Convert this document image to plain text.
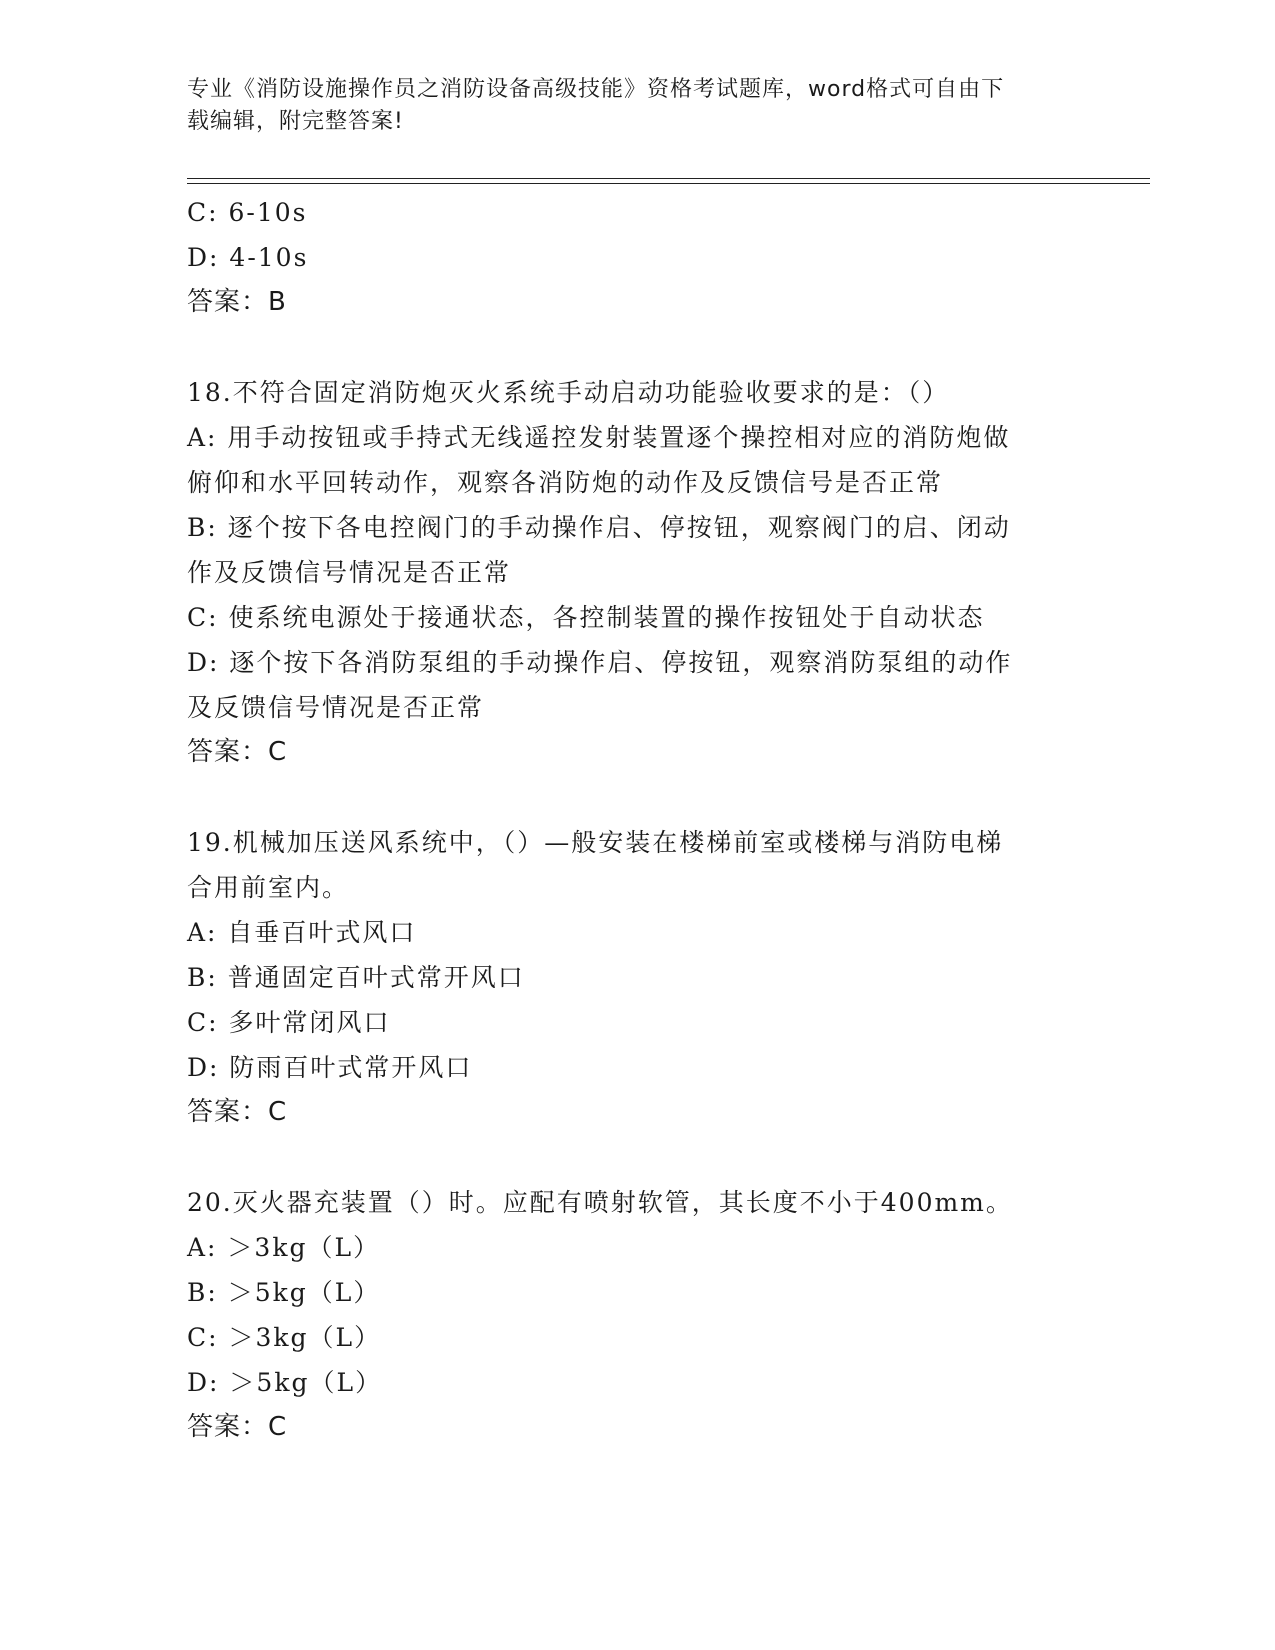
专业《消防设施操作员之消防设备高级技能》资格考试题库，word格式可自由下
载编辑，附完整答案!
C: 6-10s
D: 4-10s
答案：B
18.不符合固定消防炮灭火系统手动启动功能验收要求的是：（）
A: 用手动按钮或手持式无线遥控发射装置逐个操控相对应的消防炮做
俯仰和水平回转动作，观察各消防炮的动作及反馈信号是否正常
B: 逐个按下各电控阀门的手动操作启、停按钮，观察阀门的启、闭动
作及反馈信号情况是否正常
C: 使系统电源处于接通状态，各控制装置的操作按钮处于自动状态
D: 逐个按下各消防泵组的手动操作启、停按钮，观察消防泵组的动作
及反馈信号情况是否正常
答案：C
19.机械加压送风系统中，（）—般安装在楼梯前室或楼梯与消防电梯
合用前室内。
A: 自垂百叶式风口
B: 普通固定百叶式常开风口
C: 多叶常闭风口
D: 防雨百叶式常开风口
答案：C
20.灭火器充装置（）时。应配有喷射软管，其长度不小于400mm。
A: ＞3kg（L）
B: ＞5kg（L）
C: ＞3kg（L）
D: ＞5kg（L）
答案：C
